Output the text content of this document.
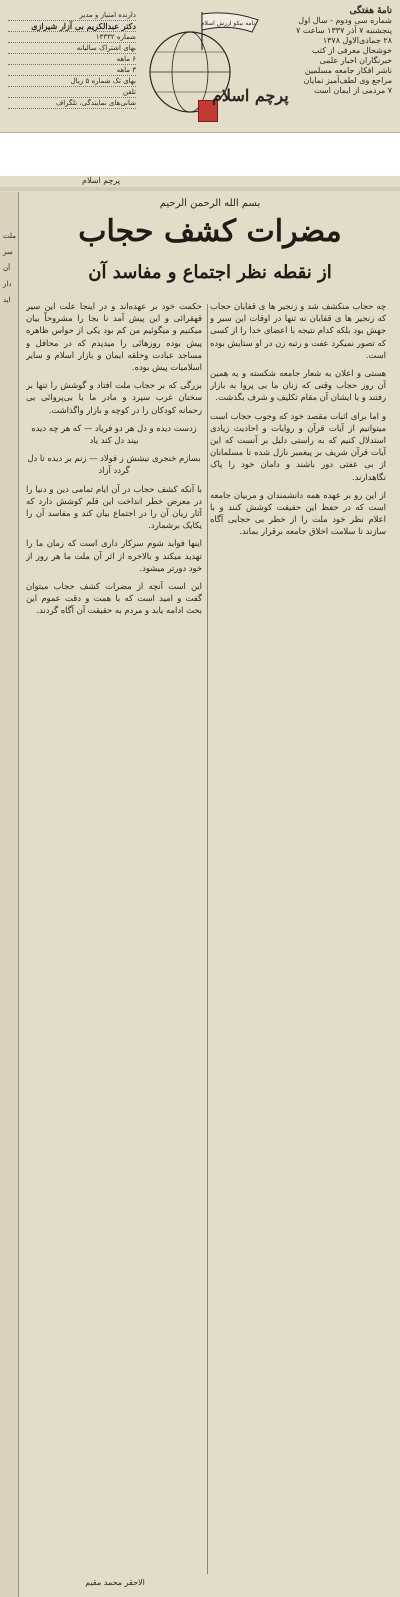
نامهٔ هفتگی
شماره سی ودوم - سال اول
پنجشنبه ۷ آذر ۱۳۳۷ ساعت ۷
۲۸ جمادی‌الاول ۱۳۷۸
خوشحال معرفی از کتب
خبرنگاران اخبار علمی
ناشر افکار جامعه مسلمین
مراجع وی لطف‌آمیز نمایان
۷ مردمی از ایمان است
نامه نیکو ارزش اسلام
پرچم اسلام
دارنده امتیاز و مدیر
دکتر عبدالکریم بی آزار شیرازی
شماره ۱۳۳۳۲
بهای اشتراک سالیانه
۶ ماهه
۳ ماهه
بهای تک شماره ۵ ریال
تلفن
شانی‌های نمایندگی، تلگراف
پرچم اسلام
ملت
سر
آن
دار
اید
بسم الله الرحمن الرحیم
مضرات کشف حجاب
از نقطه نظر اجتماع و مفاسد آن

چه حجاب منکشف شد و زنجیر ها ی قفایان حجاب که زنجیر ها ی قفایان نه تنها در اوقات این سیر و جهش بود بلکه کدام نتیجه با اعضای خدا را از کسی که تصور نمیکرد عفت و رتبه زن در او ستایش بوده است.

هستی و اعلان به شعار جامعه شکسته و به همین آن روز حجاب وقتی که زنان ما بی پروا به بازار رفتند و با ایشان آن مقام تکلیف و شرف بگذشت.

و اما برای اثبات مقصد خود که وجوب حجاب است میتوانیم از آیات قرآن و روایات و احادیث زیادی استدلال کنیم که به راستی دلیل بر آنست که این آیات قرآن شریف بر پیغمبر نازل شده تا مسلمانان از بی عفتی دور باشند و دامان خود را پاک نگاهدارند.

از این رو بر عهده همه دانشمندان و مربیان جامعه است که در حفظ این حقیقت کوشش کنند و با اعلام نظر خود ملت را از خطر بی حجابی آگاه سازند تا سلامت اخلاق جامعه برقرار بماند.

حکمت خود بر عهده‌اند و در اینجا علت این سیر قهقرائی و این پیش آمد نا بجا را مشروحاً بیان میکنیم و میگوئیم من کم بود یکی از حواس ظاهره پیش بوده روزهائی را میدیدم که در محافل و مساجد عبادت وحلقه ایمان و بازار اسلام و سایر اسلامیات پیش بوده.

بزرگی که بر حجاب ملت افتاد و گوشش را تنها بر سخنان غرب سپرد و مادر ما با بی‌پروائی بی رحمانه کودکان را در کوچه و بازار واگذاشت.

زدست دیده و دل هر دو فریاد — که هر چه دیده بیند دل کند یاد

بسازم خنجری نیشش ز فولاد — زنم بر دیده تا دل گردد آزاد

با آنکه کشف حجاب در آن ایام تمامی دین و دنیا را در معرض خطر انداخت این قلم کوشش دارد که آثار زیان آن را در اجتماع بیان کند و مفاسد آن را یکایک برشمارد.

اینها فواید شوم سرکار داری است که زمان ما را تهدید میکند و بالاخره از اثر آن ملت ما هر روز از خود دورتر میشود.

این است آنچه از مضرات کشف حجاب میتوان گفت و امید است که با همت و دقت عموم این بحث ادامه یابد و مردم به حقیقت آن آگاه گردند.

الاحقر محمد مقیم
